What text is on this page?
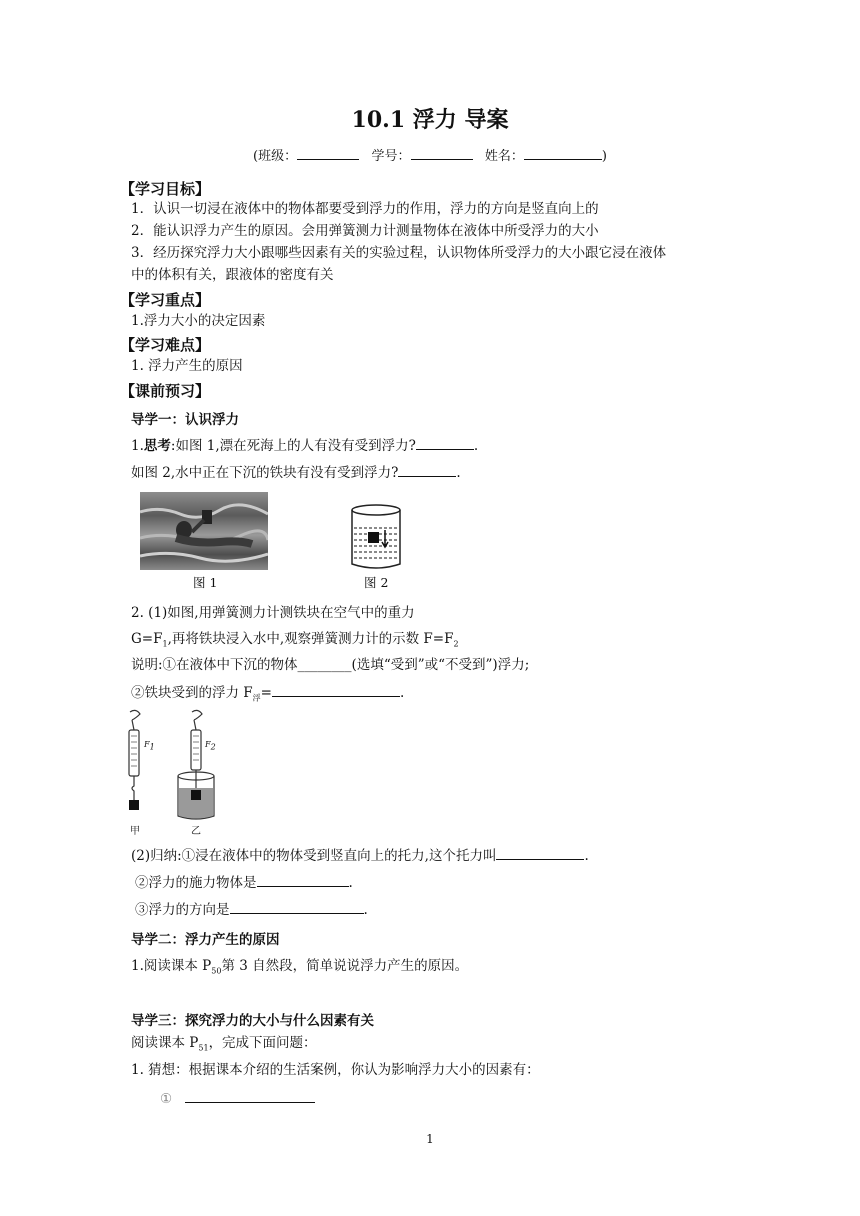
10.1 浮力 导案
(班级：	学号：	姓名：	)
【学习目标】
1．认识一切浸在液体中的物体都要受到浮力的作用，浮力的方向是竖直向上的
2．能认识浮力产生的原因。会用弹簧测力计测量物体在液体中所受浮力的大小
3．经历探究浮力大小跟哪些因素有关的实验过程，认识物体所受浮力的大小跟它浸在液体
中的体积有关，跟液体的密度有关
【学习重点】
1.浮力大小的决定因素
【学习难点】
1. 浮力产生的原因
【课前预习】
导学一：认识浮力
1.思考:如图 1,漂在死海上的人有没有受到浮力?	.
如图 2,水中正在下沉的铁块有没有受到浮力?	.
图 1	图 2
2. (1)如图,用弹簧测力计测铁块在空气中的重力
$G=F_1$,再将铁块浸入水中,观察弹簧测力计的示数 $F=F_2$
说明:①在液体中下沉的物体________(选填“受到”或“不受到”)浮力;
②铁块受到的浮力 $F_浮=$	.
$F_1$	$F_2$
甲	乙
(2)归纳:①浸在液体中的物体受到竖直向上的托力,这个托力叫	.
②浮力的施力物体是	.
③浮力的方向是	.
导学二：浮力产生的原因
1.阅读课本 $P_{50}$第 3 自然段，简单说说浮力产生的原因。
导学三：探究浮力的大小与什么因素有关
阅读课本 $P_{51}$，完成下面问题：
1. 猜想：根据课本介绍的生活案例，你认为影响浮力大小的因素有：
①
1
